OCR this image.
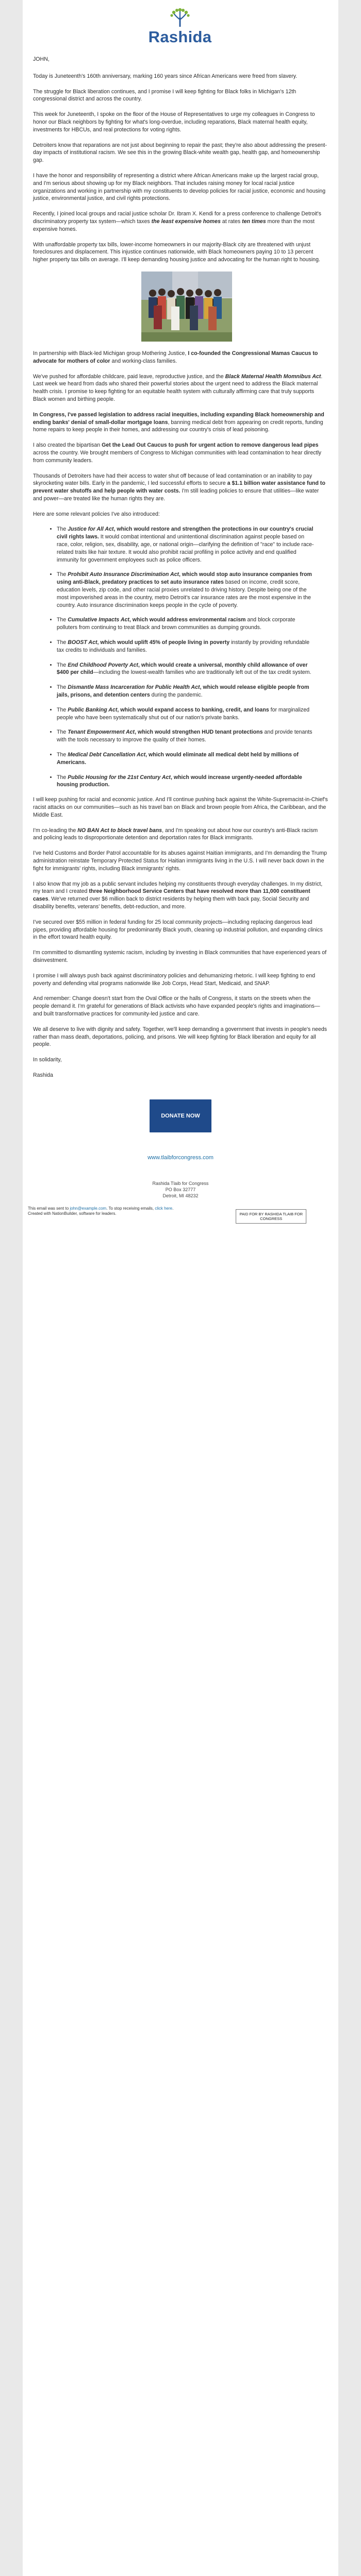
Rashida

JOHN,

Today is Juneteenth's 160th anniversary, marking 160 years since African Americans were freed from slavery.

The struggle for Black liberation continues, and I promise I will keep fighting for Black folks in Michigan's 12th congressional district and across the country.

This week for Juneteenth, I spoke on the floor of the House of Representatives to urge my colleagues in Congress to honor our Black neighbors by fighting for what's long-overdue, including reparations, Black maternal health equity, investments for HBCUs, and real protections for voting rights.

Detroiters know that reparations are not just about beginning to repair the past; they're also about addressing the present-day impacts of institutional racism. We see this in the growing Black-white wealth gap, health gap, and homeownership gap.

I have the honor and responsibility of representing a district where African Americans make up the largest racial group, and I'm serious about showing up for my Black neighbors. That includes raising money for local racial justice organizations and working in partnership with my constituents to develop policies for racial justice, economic and housing justice, environmental justice, and civil rights protections.

Recently, I joined local groups and racial justice scholar Dr. Ibram X. Kendi for a press conference to challenge Detroit's discriminatory property tax system—which taxes the least expensive homes at rates ten times more than the most expensive homes.

With unaffordable property tax bills, lower-income homeowners in our majority-Black city are threatened with unjust foreclosures and displacement. This injustice continues nationwide, with Black homeowners paying 10 to 13 percent higher property tax bills on average. I'll keep demanding housing justice and advocating for the human right to housing.

In partnership with Black-led Michigan group Mothering Justice, I co-founded the Congressional Mamas Caucus to advocate for mothers of color and working-class families.

We've pushed for affordable childcare, paid leave, reproductive justice, and the Black Maternal Health Momnibus Act. Last week we heard from dads who shared their powerful stories about the urgent need to address the Black maternal health crisis. I promise to keep fighting for an equitable health system with culturally affirming care that truly supports Black women and birthing people.

In Congress, I've passed legislation to address racial inequities, including expanding Black homeownership and ending banks' denial of small-dollar mortgage loans, banning medical debt from appearing on credit reports, funding home repairs to keep people in their homes, and addressing our country's crisis of lead poisoning.

I also created the bipartisan Get the Lead Out Caucus to push for urgent action to remove dangerous lead pipes across the country. We brought members of Congress to Michigan communities with lead contamination to hear directly from community leaders.

Thousands of Detroiters have had their access to water shut off because of lead contamination or an inability to pay skyrocketing water bills. Early in the pandemic, I led successful efforts to secure a $1.1 billion water assistance fund to prevent water shutoffs and help people with water costs. I'm still leading policies to ensure that utilities—like water and power—are treated like the human rights they are.

Here are some relevant policies I've also introduced:

• The Justice for All Act, which would restore and strengthen the protections in our country's crucial civil rights laws. It would combat intentional and unintentional discrimination against people based on race, color, religion, sex, disability, age, or national origin—clarifying the definition of "race" to include race-related traits like hair texture. It would also prohibit racial profiling in police activity and end qualified immunity for government employees such as police officers.
• The Prohibit Auto Insurance Discrimination Act, which would stop auto insurance companies from using anti-Black, predatory practices to set auto insurance rates based on income, credit score, education levels, zip code, and other racial proxies unrelated to driving history. Despite being one of the most impoverished areas in the country, metro Detroit's car insurance rates are the most expensive in the country. Auto insurance discrimination keeps people in the cycle of poverty.
• The Cumulative Impacts Act, which would address environmental racism and block corporate polluters from continuing to treat Black and brown communities as dumping grounds.
• The BOOST Act, which would uplift 45% of people living in poverty instantly by providing refundable tax credits to individuals and families.
• The End Childhood Poverty Act, which would create a universal, monthly child allowance of over $400 per child—including the lowest-wealth families who are traditionally left out of the tax credit system.
• The Dismantle Mass Incarceration for Public Health Act, which would release eligible people from jails, prisons, and detention centers during the pandemic.
• The Public Banking Act, which would expand access to banking, credit, and loans for marginalized people who have been systematically shut out of our nation's private banks.
• The Tenant Empowerment Act, which would strengthen HUD tenant protections and provide tenants with the tools necessary to improve the quality of their homes.
• The Medical Debt Cancellation Act, which would eliminate all medical debt held by millions of Americans.
• The Public Housing for the 21st Century Act, which would increase urgently-needed affordable housing production.

I will keep pushing for racial and economic justice. And I'll continue pushing back against the White-Supremacist-in-Chief's racist attacks on our communities—such as his travel ban on Black and brown people from Africa, the Caribbean, and the Middle East.

I'm co-leading the NO BAN Act to block travel bans, and I'm speaking out about how our country's anti-Black racism and policing leads to disproportionate detention and deportation rates for Black immigrants.

I've held Customs and Border Patrol accountable for its abuses against Haitian immigrants, and I'm demanding the Trump administration reinstate Temporary Protected Status for Haitian immigrants living in the U.S. I will never back down in the fight for immigrants' rights, including Black immigrants' rights.

I also know that my job as a public servant includes helping my constituents through everyday challenges. In my district, my team and I created three Neighborhood Service Centers that have resolved more than 11,000 constituent cases. We've returned over $6 million back to district residents by helping them with back pay, Social Security and disability benefits, veterans' benefits, debt-reduction, and more.

I've secured over $55 million in federal funding for 25 local community projects—including replacing dangerous lead pipes, providing affordable housing for predominantly Black youth, cleaning up industrial pollution, and expanding clinics in the effort toward health equity.

I'm committed to dismantling systemic racism, including by investing in Black communities that have experienced years of disinvestment.

I promise I will always push back against discriminatory policies and dehumanizing rhetoric. I will keep fighting to end poverty and defending vital programs nationwide like Job Corps, Head Start, Medicaid, and SNAP.

And remember: Change doesn't start from the Oval Office or the halls of Congress, it starts on the streets when the people demand it. I'm grateful for generations of Black activists who have expanded people's rights and imaginations—and built transformative practices for community-led justice and care.

We all deserve to live with dignity and safety. Together, we'll keep demanding a government that invests in people's needs rather than mass death, deportations, policing, and prisons. We will keep fighting for Black liberation and equity for all people.

In solidarity,

Rashida

DONATE NOW
www.tlaibforcongress.com
Rashida Tlaib for Congress
PO Box 32777
Detroit, MI 48232
This email was sent to john@example.com. To stop receiving emails, click here.
Created with NationBuilder, software for leaders.	PAID FOR BY RASHIDA TLAIB FOR
CONGRESS
